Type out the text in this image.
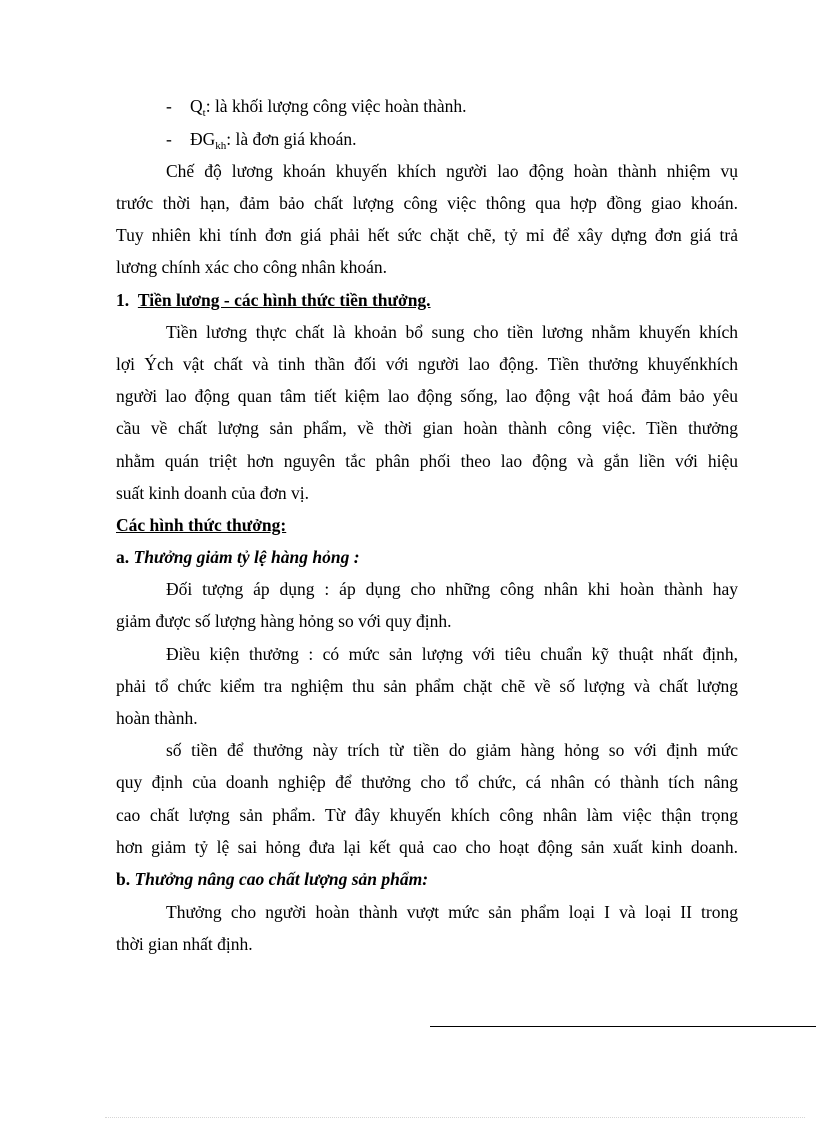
- $Q_t$: là khối lượng công việc hoàn thành.
- $ĐG_{kh}$: là đơn giá khoán.
Chế độ lương khoán khuyến khích người lao động hoàn thành nhiệm vụ
trước thời hạn, đảm bảo chất lượng công việc thông qua hợp đồng giao khoán.
Tuy nhiên khi tính đơn giá phải hết sức chặt chẽ, tỷ mỉ để xây dựng đơn giá trả
lương chính xác cho công nhân khoán.
1. Tiền lương - các hình thức tiền thưởng.
Tiền lương thực chất là khoản bổ sung cho tiền lương nhằm khuyến khích
lợi Ých vật chất và tinh thần đối với người lao động. Tiền thưởng khuyếnkhích
người lao động quan tâm tiết kiệm lao động sống, lao động vật hoá đảm bảo yêu
cầu về chất lượng sản phẩm, về thời gian hoàn thành công việc. Tiền thưởng
nhằm quán triệt hơn nguyên tắc phân phối theo lao động và gắn liền với hiệu
suất kinh doanh của đơn vị.
Các hình thức thưởng:
a. Thưởng giảm tỷ lệ hàng hỏng :
Đối tượng áp dụng : áp dụng cho những công nhân khi hoàn thành hay
giảm được số lượng hàng hỏng so với quy định.
Điều kiện thưởng : có mức sản lượng với tiêu chuẩn kỹ thuật nhất định,
phải tổ chức kiểm tra nghiệm thu sản phẩm chặt chẽ về số lượng và chất lượng
hoàn thành.
số tiền để thưởng này trích từ tiền do giảm hàng hỏng so với định mức
quy định của doanh nghiệp để thưởng cho tổ chức, cá nhân có thành tích nâng
cao chất lượng sản phẩm. Từ đây khuyến khích công nhân làm việc thận trọng
hơn giảm tỷ lệ sai hỏng đưa lại kết quả cao cho hoạt động sản xuất kinh doanh.
b. Thưởng nâng cao chất lượng sản phẩm:
Thưởng cho người hoàn thành vượt mức sản phẩm loại I và loại II trong
thời gian nhất định.
